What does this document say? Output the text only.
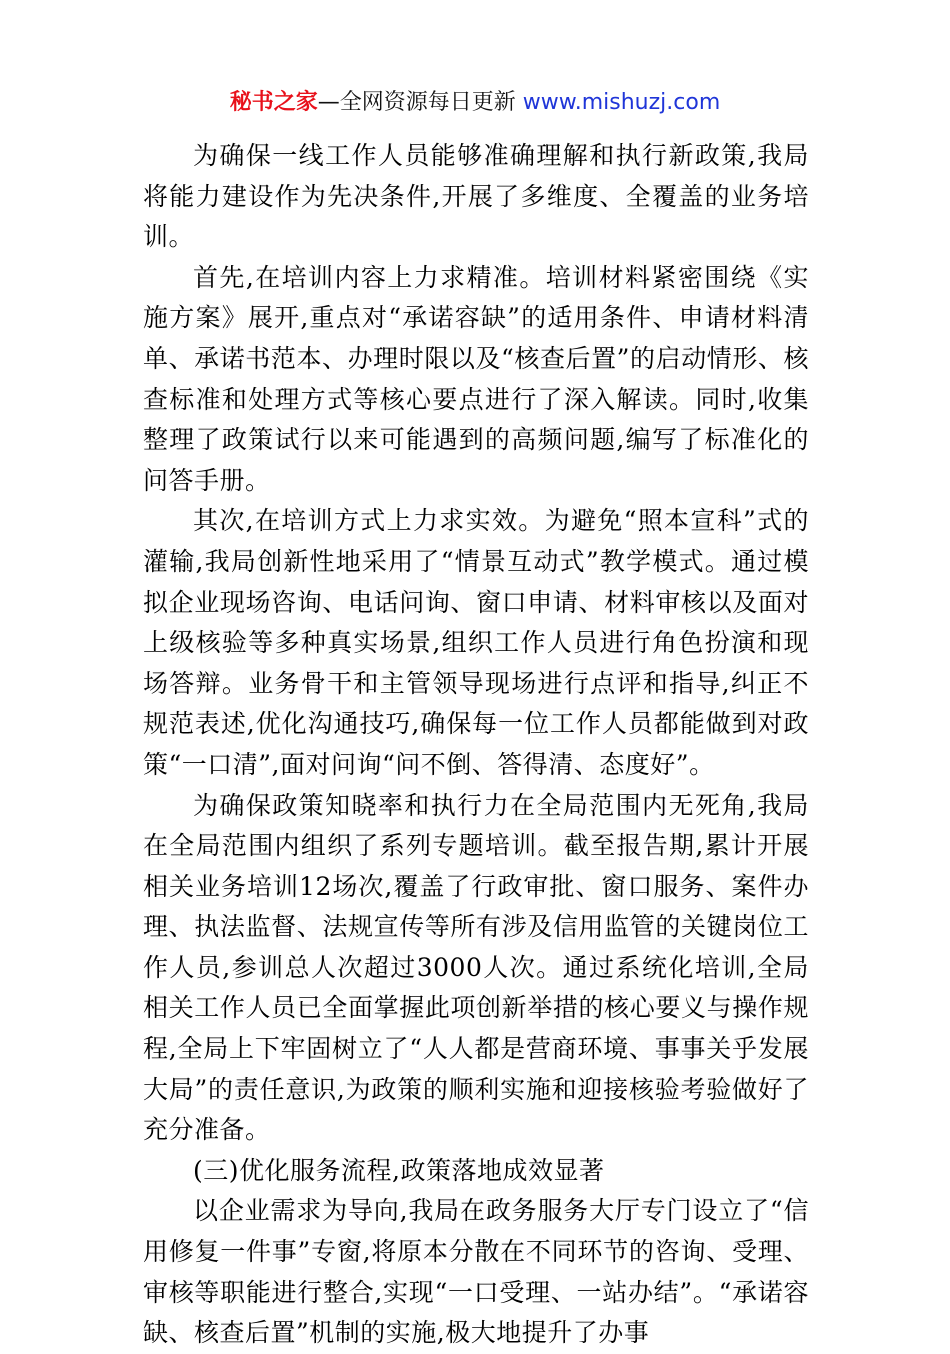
秘书之家—全网资源每日更新 www.mishuzj.com

为确保一线工作人员能够准确理解和执行新政策,我局将能力建设作为先决条件,开展了多维度、全覆盖的业务培训。

首先,在培训内容上力求精准。培训材料紧密围绕《实施方案》展开,重点对“承诺容缺”的适用条件、申请材料清单、承诺书范本、办理时限以及“核查后置”的启动情形、核查标准和处理方式等核心要点进行了深入解读。同时,收集整理了政策试行以来可能遇到的高频问题,编写了标准化的问答手册。

其次,在培训方式上力求实效。为避免“照本宣科”式的灌输,我局创新性地采用了“情景互动式”教学模式。通过模拟企业现场咨询、电话问询、窗口申请、材料审核以及面对上级核验等多种真实场景,组织工作人员进行角色扮演和现场答辩。业务骨干和主管领导现场进行点评和指导,纠正不规范表述,优化沟通技巧,确保每一位工作人员都能做到对政策“一口清”,面对问询“问不倒、答得清、态度好”。

为确保政策知晓率和执行力在全局范围内无死角,我局在全局范围内组织了系列专题培训。截至报告期,累计开展相关业务培训12场次,覆盖了行政审批、窗口服务、案件办理、执法监督、法规宣传等所有涉及信用监管的关键岗位工作人员,参训总人次超过3000人次。通过系统化培训,全局相关工作人员已全面掌握此项创新举措的核心要义与操作规程,全局上下牢固树立了“人人都是营商环境、事事关乎发展大局”的责任意识,为政策的顺利实施和迎接核验考验做好了充分准备。

(三)优化服务流程,政策落地成效显著

以企业需求为导向,我局在政务服务大厅专门设立了“信用修复一件事”专窗,将原本分散在不同环节的咨询、受理、审核等职能进行整合,实现“一口受理、一站办结”。“承诺容缺、核查后置”机制的实施,极大地提升了办事
